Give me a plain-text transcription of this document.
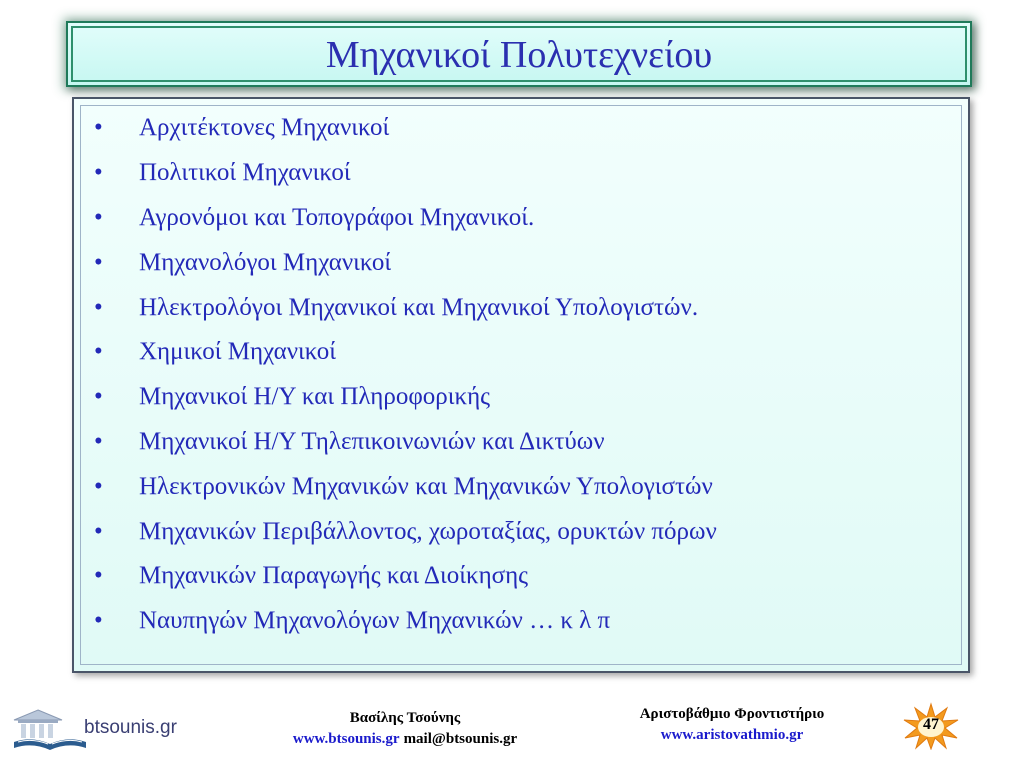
Μηχανικοί Πολυτεχνείου
•	Αρχιτέκτονες Μηχανικοί
•	Πολιτικοί Μηχανικοί
•	Αγρονόμοι και Τοπογράφοι Μηχανικοί.
•	Μηχανολόγοι Μηχανικοί
•	Ηλεκτρολόγοι Μηχανικοί και Μηχανικοί Υπολογιστών.
•	Χημικοί Μηχανικοί
•	Μηχανικοί Η/Υ και Πληροφορικής
•	Μηχανικοί Η/Υ Τηλεπικοινωνιών και Δικτύων
•	Ηλεκτρονικών Μηχανικών και Μηχανικών Υπολογιστών
•	Μηχανικών Περιβάλλοντος, χωροταξίας, ορυκτών πόρων
•	Μηχανικών Παραγωγής και Διοίκησης
•	Ναυπηγών Μηχανολόγων Μηχανικών … κ λ π
btsounis.gr	Βασίλης Τσούνης
www.btsounis.gr mail@btsounis.gr
Αριστοβάθμιο Φροντιστήριο
www.aristovathmio.gr
47
